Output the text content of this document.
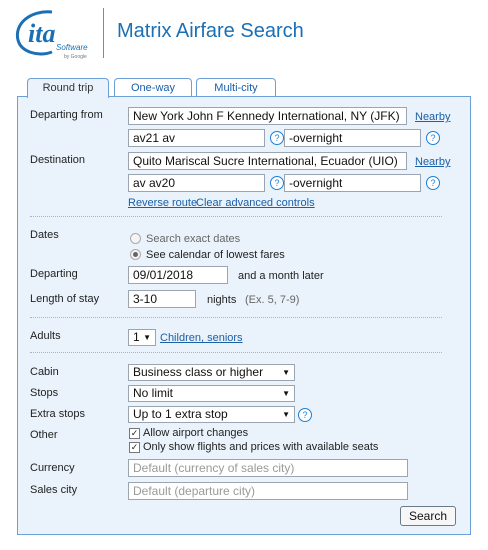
ita Software
by Google
Matrix Airfare Search
Round trip	One-way	Multi-city
Departing from	New York John F Kennedy International, NY (JFK)	Nearby
av21 av	? -overnight	?
Destination	Quito Mariscal Sucre International, Ecuador (UIO)	Nearby
av av20	? -overnight	?
Reverse route
Clear advanced controls
Dates	Search exact dates
See calendar of lowest fares
Departing	09/01/2018	and a month later
Length of stay	3-10	nights (Ex. 5, 7-9)
Adults	1 ▼ Children, seniors
Cabin	Business class or higher ▼
Stops	No limit	▼
Extra stops	Up to 1 extra stop	▼	?
Other	✓ Allow airport changes
✓ Only show flights and prices with available seats
Currency	Default (currency of sales city)
Sales city	Default (departure city)
Search
